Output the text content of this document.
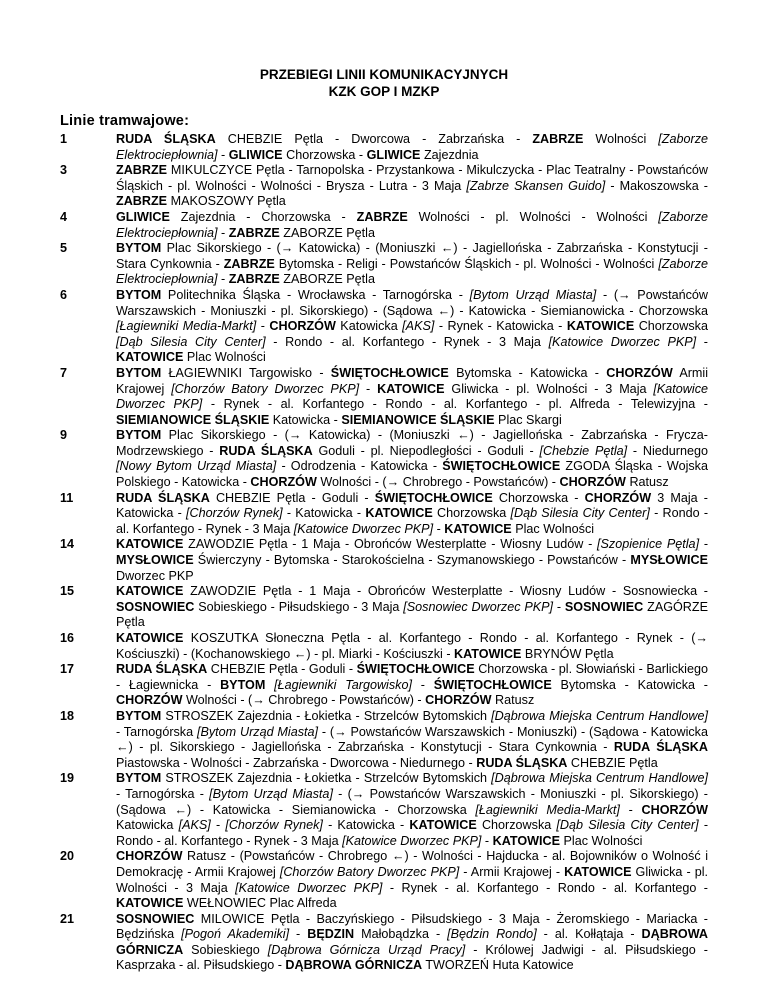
PRZEBIEGI LINII KOMUNIKACYJNYCH
KZK GOP I MZKP
Linie tramwajowe:
1	RUDA ŚLĄSKA CHEBZIE Pętla - Dworcowa - Zabrzańska - ZABRZE Wolności [Zaborze Elektrociepłownia] - GLIWICE Chorzowska - GLIWICE Zajezdnia
3	ZABRZE MIKULCZYCE Pętla - Tarnopolska - Przystankowa - Mikulczycka - Plac Teatralny - Powstańców Śląskich - pl. Wolności - Wolności - Brysza - Lutra - 3 Maja [Zabrze Skansen Guido] - Makoszowska - ZABRZE MAKOSZOWY Pętla
4	GLIWICE Zajezdnia - Chorzowska - ZABRZE Wolności - pl. Wolności - Wolności [Zaborze Elektrociepłownia] - ZABRZE ZABORZE Pętla
5	BYTOM Plac Sikorskiego - (→ Katowicka) - (Moniuszki ←) - Jagiellońska - Zabrzańska - Konstytucji - Stara Cynkownia - ZABRZE Bytomska - Religi - Powstańców Śląskich - pl. Wolności - Wolności [Zaborze Elektrociepłownia] - ZABRZE ZABORZE Pętla
6	BYTOM Politechnika Śląska - Wrocławska - Tarnogórska - [Bytom Urząd Miasta] - (→ Powstańców Warszawskich - Moniuszki - pl. Sikorskiego) - (Sądowa ←) - Katowicka - Siemianowicka - Chorzowska [Łagiewniki Media-Markt] - CHORZÓW Katowicka [AKS] - Rynek - Katowicka - KATOWICE Chorzowska [Dąb Silesia City Center] - Rondo - al. Korfantego - Rynek - 3 Maja [Katowice Dworzec PKP] - KATOWICE Plac Wolności
7	BYTOM ŁAGIEWNIKI Targowisko - ŚWIĘTOCHŁOWICE Bytomska - Katowicka - CHORZÓW Armii Krajowej [Chorzów Batory Dworzec PKP] - KATOWICE Gliwicka - pl. Wolności - 3 Maja [Katowice Dworzec PKP] - Rynek - al. Korfantego - Rondo - al. Korfantego - pl. Alfreda - Telewizyjna - SIEMIANOWICE ŚLĄSKIE Katowicka - SIEMIANOWICE ŚLĄSKIE Plac Skargi
9	BYTOM Plac Sikorskiego - (→ Katowicka) - (Moniuszki ←) - Jagiellońska - Zabrzańska - Frycza-Modrzewskiego - RUDA ŚLĄSKA Goduli - pl. Niepodległości - Goduli - [Chebzie Pętla] - Niedurnego [Nowy Bytom Urząd Miasta] - Odrodzenia - Katowicka - ŚWIĘTOCHŁOWICE ZGODA Śląska - Wojska Polskiego - Katowicka - CHORZÓW Wolności - (→ Chrobrego - Powstańców) - CHORZÓW Ratusz
11	RUDA ŚLĄSKA CHEBZIE Pętla - Goduli - ŚWIĘTOCHŁOWICE Chorzowska - CHORZÓW 3 Maja - Katowicka - [Chorzów Rynek] - Katowicka - KATOWICE Chorzowska [Dąb Silesia City Center] - Rondo - al. Korfantego - Rynek - 3 Maja [Katowice Dworzec PKP] - KATOWICE Plac Wolności
14	KATOWICE ZAWODZIE Pętla - 1 Maja - Obrońców Westerplatte - Wiosny Ludów - [Szopienice Pętla] - MYSŁOWICE Świerczyny - Bytomska - Starokościelna - Szymanowskiego - Powstańców - MYSŁOWICE Dworzec PKP
15	KATOWICE ZAWODZIE Pętla - 1 Maja - Obrońców Westerplatte - Wiosny Ludów - Sosnowiecka - SOSNOWIEC Sobieskiego - Piłsudskiego - 3 Maja [Sosnowiec Dworzec PKP] - SOSNOWIEC ZAGÓRZE Pętla
16	KATOWICE KOSZUTKA Słoneczna Pętla - al. Korfantego - Rondo - al. Korfantego - Rynek - (→ Kościuszki) - (Kochanowskiego ←) - pl. Miarki - Kościuszki - KATOWICE BRYNÓW Pętla
17	RUDA ŚLĄSKA CHEBZIE Pętla - Goduli - ŚWIĘTOCHŁOWICE Chorzowska - pl. Słowiański - Barlickiego - Łagiewnicka - BYTOM [Łagiewniki Targowisko] - ŚWIĘTOCHŁOWICE Bytomska - Katowicka - CHORZÓW Wolności - (→ Chrobrego - Powstańców) - CHORZÓW Ratusz
18	BYTOM STROSZEK Zajezdnia - Łokietka - Strzelców Bytomskich [Dąbrowa Miejska Centrum Handlowe] - Tarnogórska [Bytom Urząd Miasta] - (→ Powstańców Warszawskich - Moniuszki) - (Sądowa - Katowicka ←) - pl. Sikorskiego - Jagiellońska - Zabrzańska - Konstytucji - Stara Cynkownia - RUDA ŚLĄSKA Piastowska - Wolności - Zabrzańska - Dworcowa - Niedurnego - RUDA ŚLĄSKA CHEBZIE Pętla
19	BYTOM STROSZEK Zajezdnia - Łokietka - Strzelców Bytomskich [Dąbrowa Miejska Centrum Handlowe] - Tarnogórska - [Bytom Urząd Miasta] - (→ Powstańców Warszawskich - Moniuszki - pl. Sikorskiego) - (Sądowa ←) - Katowicka - Siemianowicka - Chorzowska [Łagiewniki Media-Markt] - CHORZÓW Katowicka [AKS] - [Chorzów Rynek] - Katowicka - KATOWICE Chorzowska [Dąb Silesia City Center] - Rondo - al. Korfantego - Rynek - 3 Maja [Katowice Dworzec PKP] - KATOWICE Plac Wolności
20	CHORZÓW Ratusz - (Powstańców - Chrobrego ←) - Wolności - Hajducka - al. Bojowników o Wolność i Demokrację - Armii Krajowej [Chorzów Batory Dworzec PKP] - Armii Krajowej - KATOWICE Gliwicka - pl. Wolności - 3 Maja [Katowice Dworzec PKP] - Rynek - al. Korfantego - Rondo - al. Korfantego - KATOWICE WEŁNOWIEC Plac Alfreda
21	SOSNOWIEC MILOWICE Pętla - Baczyńskiego - Piłsudskiego - 3 Maja - Żeromskiego - Mariacka - Będzińska [Pogoń Akademiki] - BĘDZIN Małobądzka - [Będzin Rondo] - al. Kołłątaja - DĄBROWA GÓRNICZA Sobieskiego [Dąbrowa Górnicza Urząd Pracy] - Królowej Jadwigi - al. Piłsudskiego - Kasprzaka - al. Piłsudskiego - DĄBROWA GÓRNICZA TWORZEŃ Huta Katowice
